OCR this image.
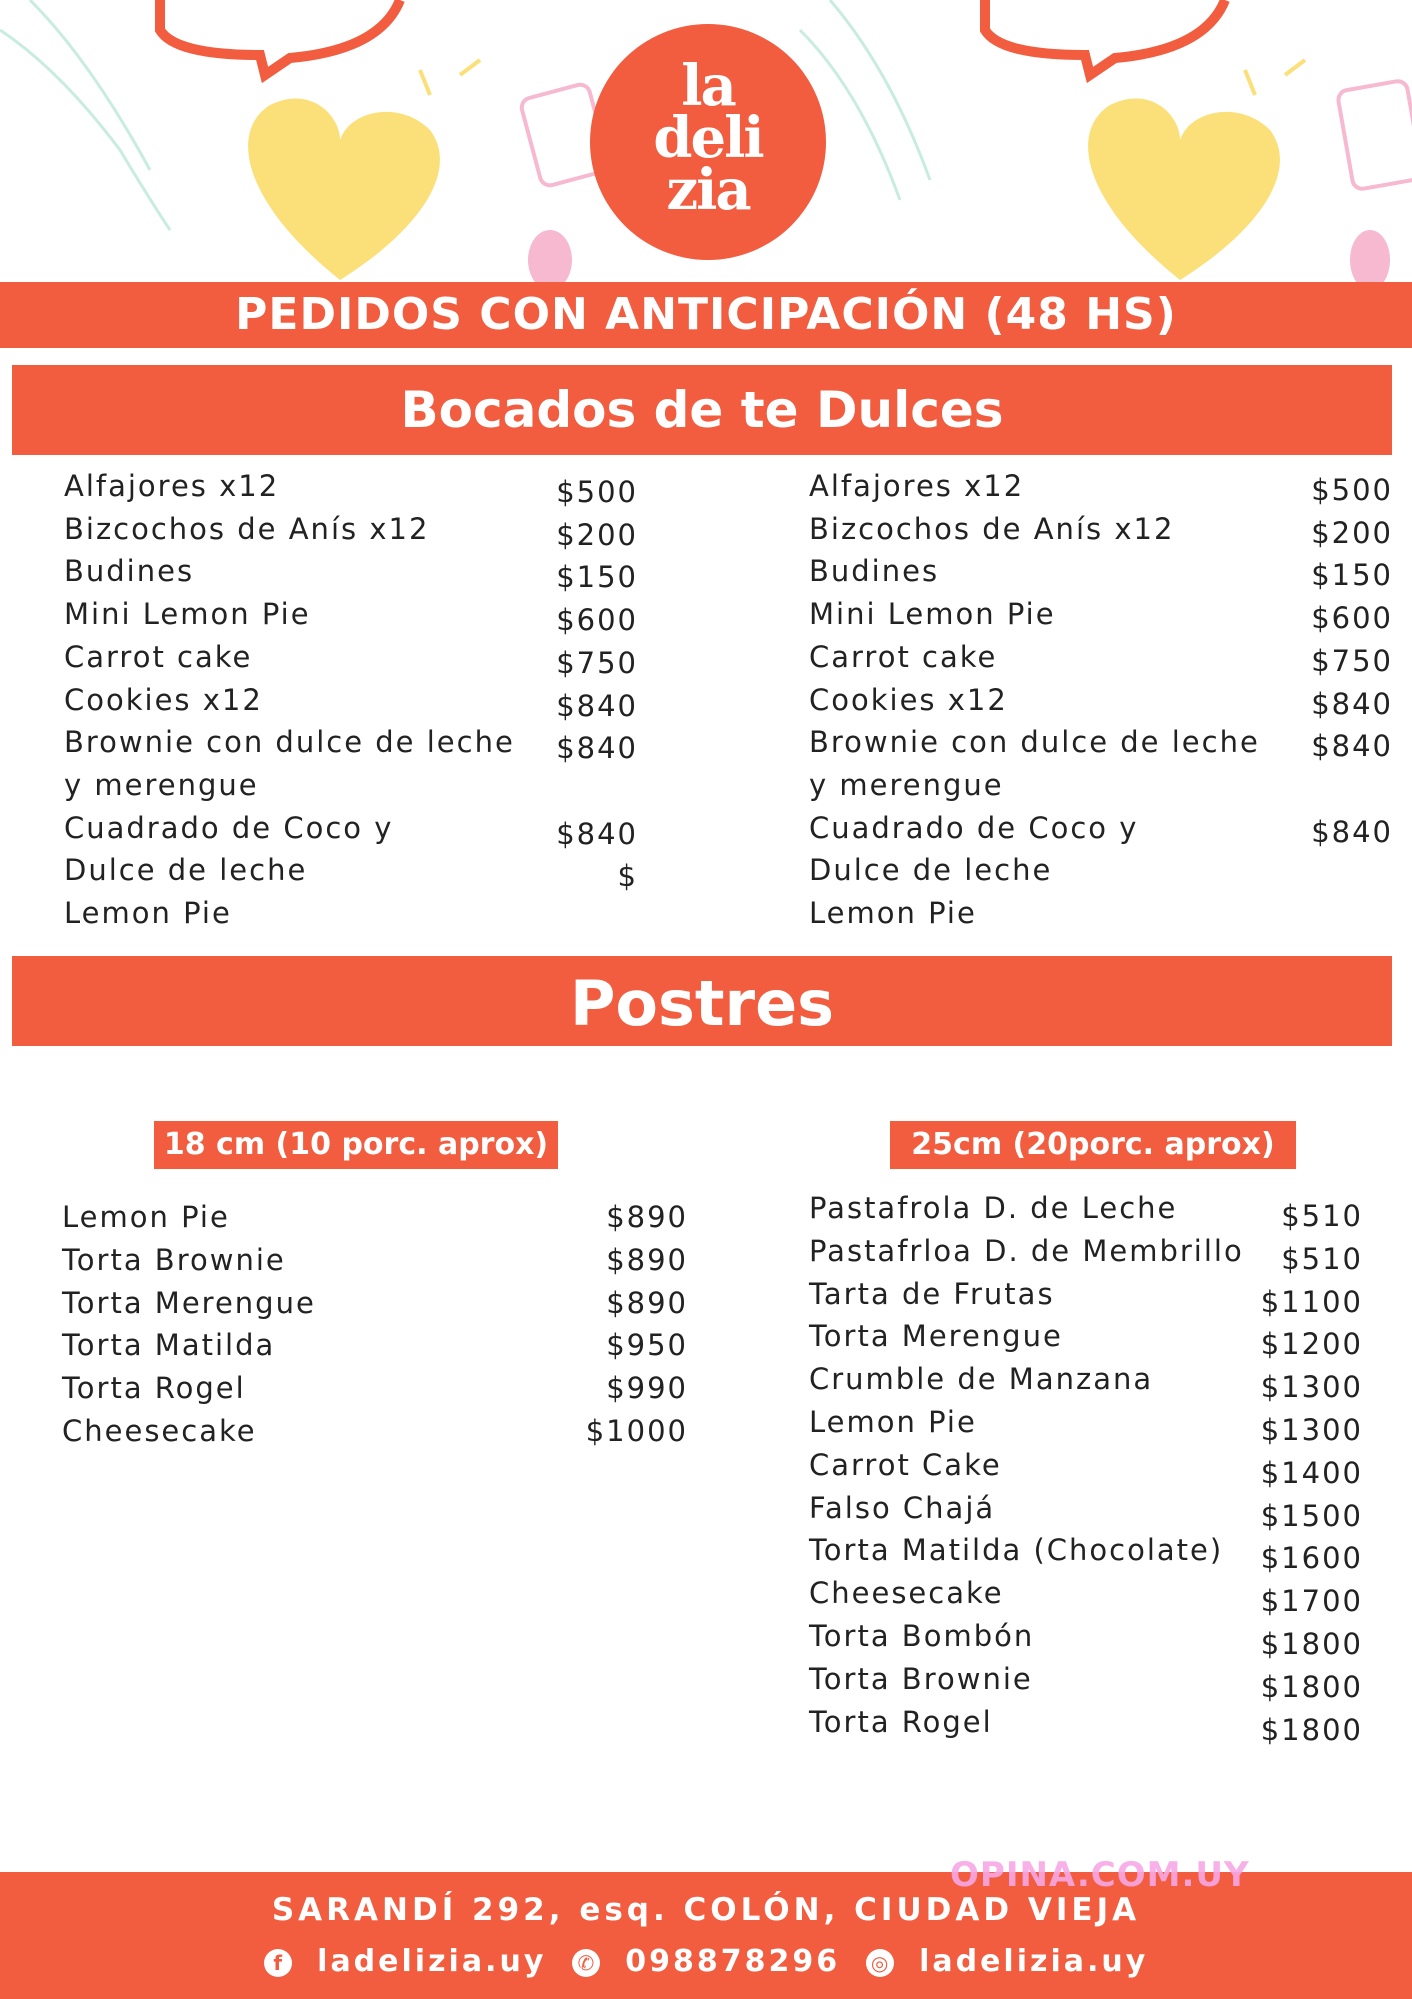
la
deli
zia
PEDIDOS CON ANTICIPACIÓN (48 HS)
Bocados de te Dulces
Alfajores x12
Bizcochos de Anís x12
Budines
Mini Lemon Pie
Carrot cake
Cookies x12
Brownie con dulce de leche
y merengue
Cuadrado de Coco y
Dulce de leche
Lemon Pie
$500
$200
$150
$600
$750
$840
$840
$840
$
Alfajores x12
Bizcochos de Anís x12
Budines
Mini Lemon Pie
Carrot cake
Cookies x12
Brownie con dulce de leche
y merengue
Cuadrado de Coco y
Dulce de leche
Lemon Pie
$500
$200
$150
$600
$750
$840
$840
$840
Postres
18 cm (10 porc. aprox)	25cm (20porc. aprox)
Lemon Pie
Torta Brownie
Torta Merengue
Torta Matilda
Torta Rogel
Cheesecake
$890
$890
$890
$950
$990
$1000
Pastafrola D. de Leche
Pastafrloa D. de Membrillo
Tarta de Frutas
Torta Merengue
Crumble de Manzana
Lemon Pie
Carrot Cake
Falso Chajá
Torta Matilda (Chocolate)
Cheesecake
Torta Bombón
Torta Brownie
Torta Rogel
$510
$510
$1100
$1200
$1300
$1300
$1400
$1500
$1600
$1700
$1800
$1800
$1800
SARANDÍ 292, esq. COLÓN, CIUDAD VIEJA
f ladelizia.uy ✆ 098878296 ◎ ladelizia.uy
OPINA.COM.UY
